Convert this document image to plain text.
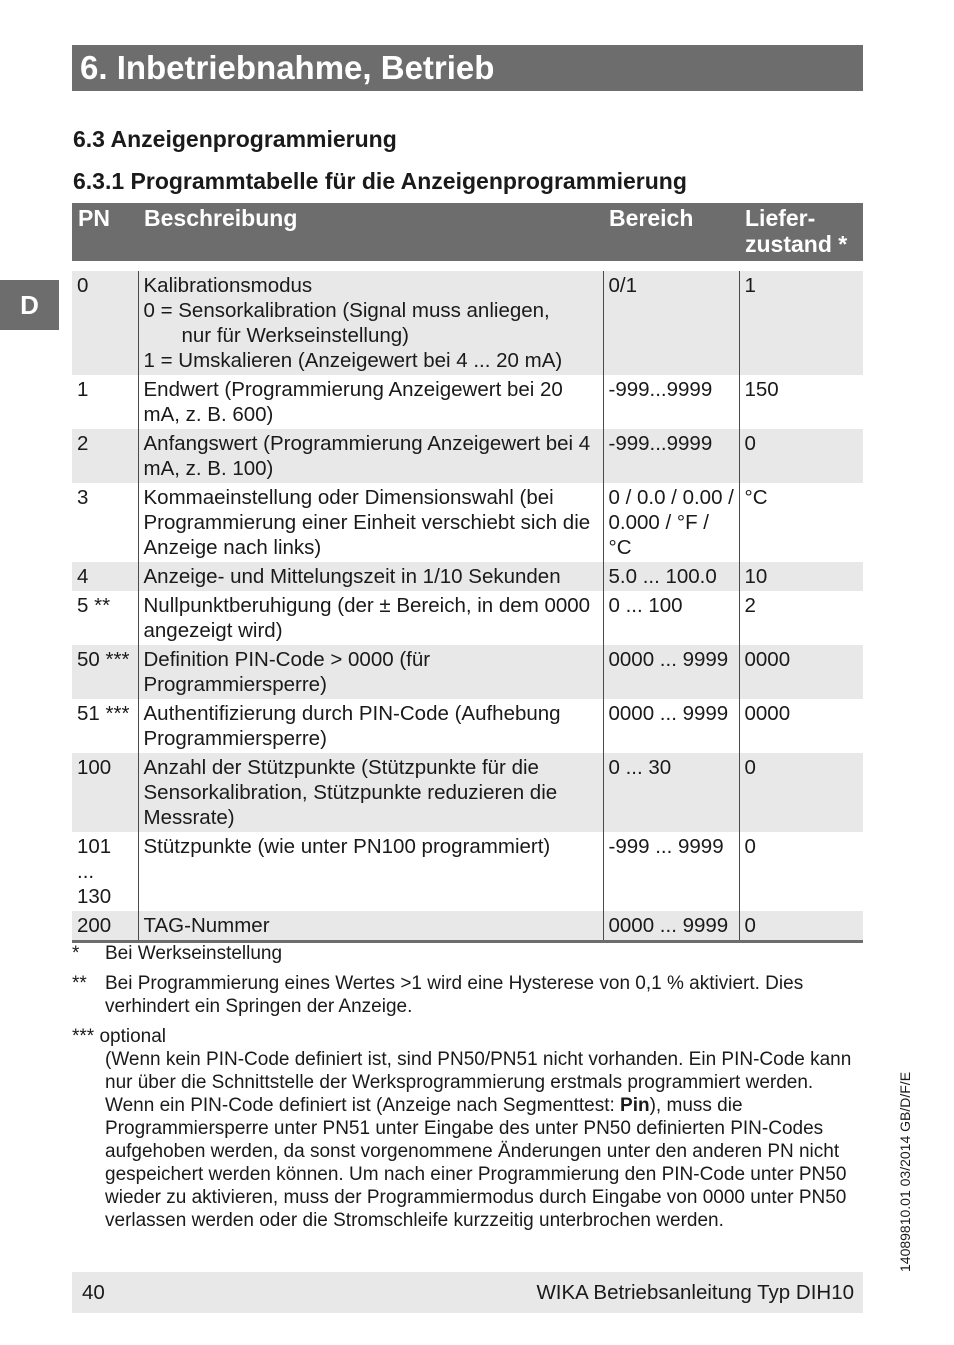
6. Inbetriebnahme, Betrieb
6.3 Anzeigenprogrammierung
6.3.1 Programmtabelle für die Anzeigenprogrammierung
D
PN	Beschreibung	Bereich	Liefer-
zustand *

0	Kalibrationsmodus
0 = Sensorkalibration (Signal muss anliegen,
nur für Werkseinstellung)
1 = Umskalieren (Anzeigewert bei 4 ... 20 mA)	0/1	1
1	Endwert (Programmierung Anzeigewert bei 20 mA, z. B. 600)	-999...9999	150
2	Anfangswert (Programmierung Anzeigewert bei 4 mA, z. B. 100)	-999...9999	0
3	Kommaeinstellung oder Dimensionswahl (bei Programmierung einer Einheit verschiebt sich die Anzeige nach links)	0 / 0.0 / 0.00 / 0.000 / °F / °C	°C
4	Anzeige- und Mittelungszeit in 1/10 Sekunden	5.0 ... 100.0	10
5 **	Nullpunktberuhigung (der ± Bereich, in dem 0000 angezeigt wird)	0 ... 100	2
50 ***	Definition PIN-Code > 0000 (für Programmiersperre)	0000 ... 9999	0000
51 ***	Authentifizierung durch PIN-Code (Aufhebung Programmiersperre)	0000 ... 9999	0000
100	Anzahl der Stützpunkte (Stützpunkte für die Sensorkalibration, Stützpunkte reduzieren die Messrate)	0 ... 30	0
101 ... 130	Stützpunkte (wie unter PN100 programmiert)	-999 ... 9999	0
200	TAG-Nummer	0000 ... 9999	0
* Bei Werkseinstellung
** Bei Programmierung eines Wertes >1 wird eine Hysterese von 0,1 % aktiviert. Dies verhindert ein Springen der Anzeige.
*** optional
(Wenn kein PIN-Code definiert ist, sind PN50/PN51 nicht vorhanden. Ein PIN-Code kann nur über die Schnittstelle der Werksprogrammierung erstmals programmiert werden. Wenn ein PIN-Code definiert ist (Anzeige nach Segmenttest: Pin), muss die Programmiersperre unter PN51 unter Eingabe des unter PN50 definierten PIN-Codes aufgehoben werden, da sonst vorgenommene Änderungen unter den anderen PN nicht gespeichert werden können. Um nach einer Programmierung den PIN-Code unter PN50 wieder zu aktivieren, muss der Programmiermodus durch Eingabe von 0000 unter PN50 verlassen werden oder die Stromschleife kurzzeitig unterbrochen werden.
40	WIKA Betriebsanleitung Typ DIH10
14089810.01 03/2014 GB/D/F/E
